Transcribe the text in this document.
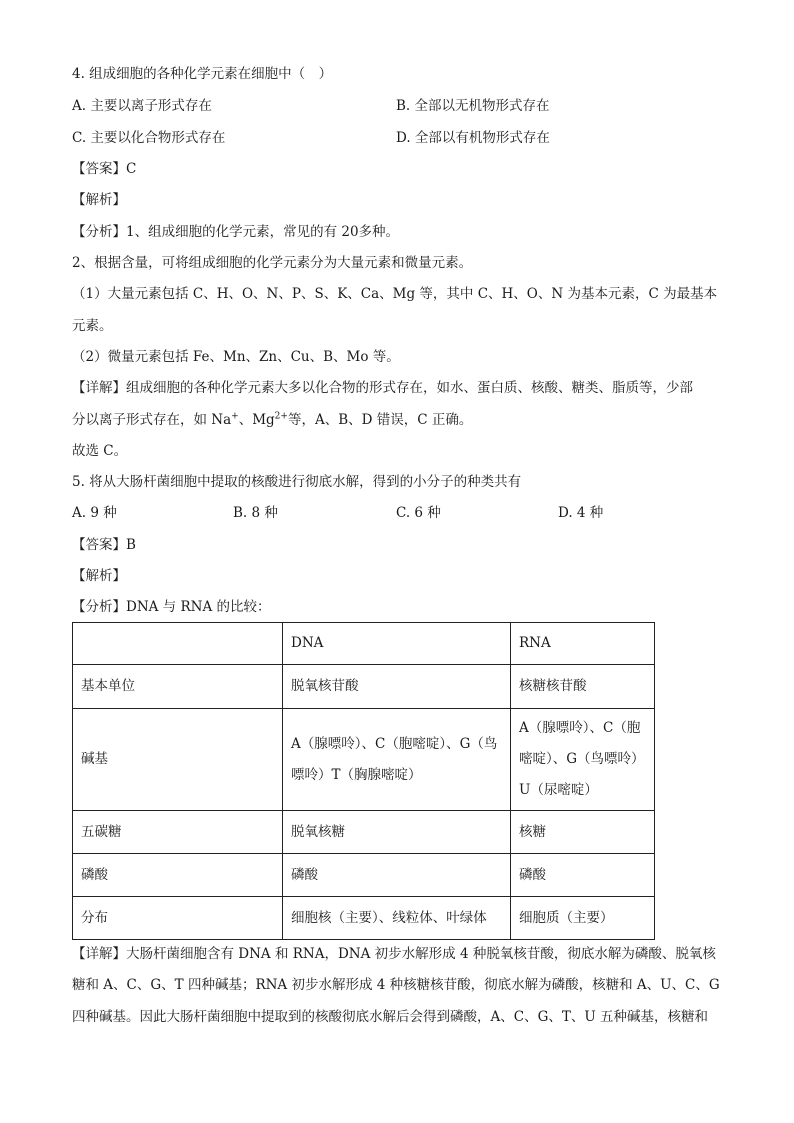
4. 组成细胞的各种化学元素在细胞中（　）
A. 主要以离子形式存在	B. 全部以无机物形式存在
C. 主要以化合物形式存在	D. 全部以有机物形式存在
【答案】C
【解析】
【分析】1、组成细胞的化学元素，常见的有 20多种。
2、根据含量，可将组成细胞的化学元素分为大量元素和微量元素。
（1）大量元素包括 C、H、O、N、P、S、K、Ca、Mg 等，其中 C、H、O、N 为基本元素，C 为最基本
元素。
（2）微量元素包括 Fe、Mn、Zn、Cu、B、Mo 等。
【详解】组成细胞的各种化学元素大多以化合物的形式存在，如水、蛋白质、核酸、糖类、脂质等，少部
分以离子形式存在，如 Na+、$Mg^{2+}$等，A、B、D 错误，C 正确。
故选 C。
5. 将从大肠杆菌细胞中提取的核酸进行彻底水解，得到的小分子的种类共有
A. 9 种	B. 8 种	C. 6 种	D. 4 种
【答案】B
【解析】
【分析】DNA 与 RNA 的比较：
	DNA	RNA
基本单位	脱氧核苷酸	核糖核苷酸
碱基	A（腺嘌呤）、C（胞嘧啶）、G（鸟嘌呤）T（胸腺嘧啶）	A（腺嘌呤）、C（胞嘧啶）、G（鸟嘌呤）U（尿嘧啶）
五碳糖	脱氧核糖	核糖
磷酸	磷酸	磷酸
分布	细胞核（主要）、线粒体、叶绿体	细胞质（主要）
【详解】大肠杆菌细胞含有 DNA 和 RNA，DNA 初步水解形成 4 种脱氧核苷酸，彻底水解为磷酸、脱氧核
糖和 A、C、G、T 四种碱基；RNA 初步水解形成 4 种核糖核苷酸，彻底水解为磷酸，核糖和 A、U、C、G
四种碱基。因此大肠杆菌细胞中提取到的核酸彻底水解后会得到磷酸，A、C、G、T、U 五种碱基，核糖和
